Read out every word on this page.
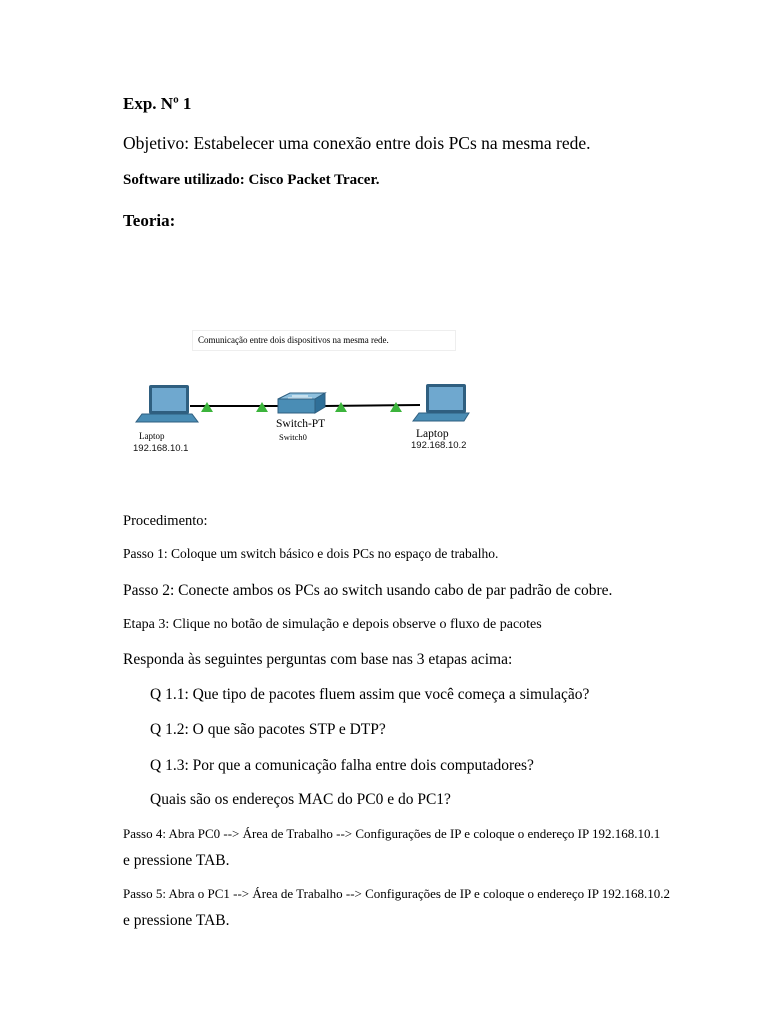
Exp. Nº 1
Objetivo: Estabelecer uma conexão entre dois PCs na mesma rede.
Software utilizado: Cisco Packet Tracer.
Teoria:
Comunicação entre dois dispositivos na mesma rede.
Laptop
192.168.10.1
Switch-PT
Switch0	Laptop
192.168.10.2
Procedimento:
Passo 1: Coloque um switch básico e dois PCs no espaço de trabalho.
Passo 2: Conecte ambos os PCs ao switch usando cabo de par padrão de cobre.
Etapa 3: Clique no botão de simulação e depois observe o fluxo de pacotes
Responda às seguintes perguntas com base nas 3 etapas acima:
Q 1.1: Que tipo de pacotes fluem assim que você começa a simulação?
Q 1.2: O que são pacotes STP e DTP?
Q 1.3: Por que a comunicação falha entre dois computadores?
Quais são os endereços MAC do PC0 e do PC1?
Passo 4: Abra PC0 --> Área de Trabalho --> Configurações de IP e coloque o endereço IP 192.168.10.1
e pressione TAB.
Passo 5: Abra o PC1 --> Área de Trabalho --> Configurações de IP e coloque o endereço IP 192.168.10.2
e pressione TAB.
